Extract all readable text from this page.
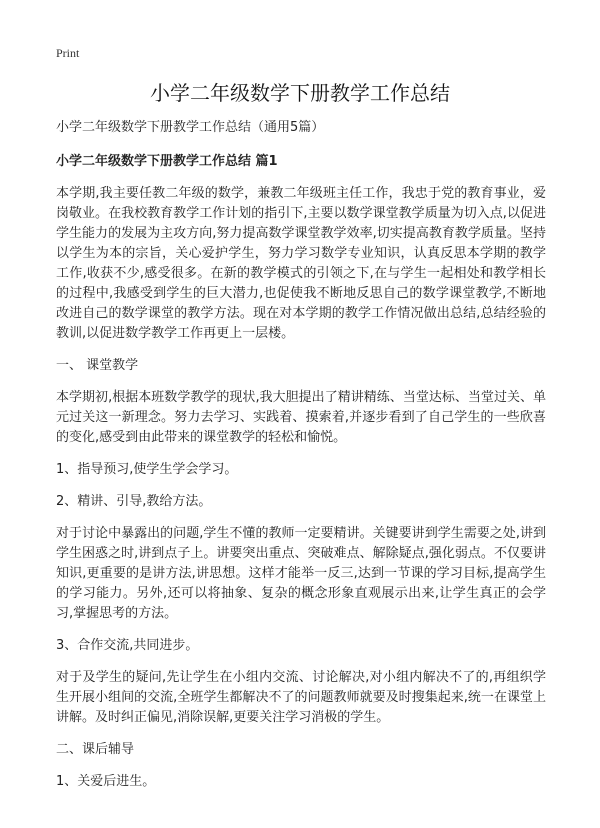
Print
小学二年级数学下册教学工作总结

小学二年级数学下册教学工作总结（通用5篇）

小学二年级数学下册教学工作总结 篇1

本学期,我主要任教二年级的数学，兼教二年级班主任工作，我忠于党的教育事业，爱岗敬业。在我校教育教学工作计划的指引下,主要以数学课堂教学质量为切入点,以促进学生能力的发展为主攻方向,努力提高数学课堂教学效率,切实提高教育教学质量。坚持以学生为本的宗旨，关心爱护学生，努力学习数学专业知识，认真反思本学期的教学工作,收获不少,感受很多。在新的教学模式的引领之下,在与学生一起相处和教学相长的过程中,我感受到学生的巨大潜力,也促使我不断地反思自己的数学课堂教学,不断地改进自己的数学课堂的教学方法。现在对本学期的教学工作情况做出总结,总结经验的教训,以促进数学教学工作再更上一层楼。

一、 课堂教学

本学期初,根据本班数学教学的现状,我大胆提出了精讲精练、当堂达标、当堂过关、单元过关这一新理念。努力去学习、实践着、摸索着,并逐步看到了自己学生的一些欣喜的变化,感受到由此带来的课堂教学的轻松和愉悦。

1、指导预习,使学生学会学习。

2、精讲、引导,教给方法。

对于讨论中暴露出的问题,学生不懂的教师一定要精讲。关键要讲到学生需要之处,讲到学生困惑之时,讲到点子上。讲要突出重点、突破难点、解除疑点,强化弱点。不仅要讲知识,更重要的是讲方法,讲思想。这样才能举一反三,达到一节课的学习目标,提高学生的学习能力。另外,还可以将抽象、复杂的概念形象直观展示出来,让学生真正的会学习,掌握思考的方法。

3、合作交流,共同进步。

对于及学生的疑问,先让学生在小组内交流、讨论解决,对小组内解决不了的,再组织学生开展小组间的交流,全班学生都解决不了的问题教师就要及时搜集起来,统一在课堂上讲解。及时纠正偏见,消除误解,更要关注学习消极的学生。

二、课后辅导

1、关爱后进生。
